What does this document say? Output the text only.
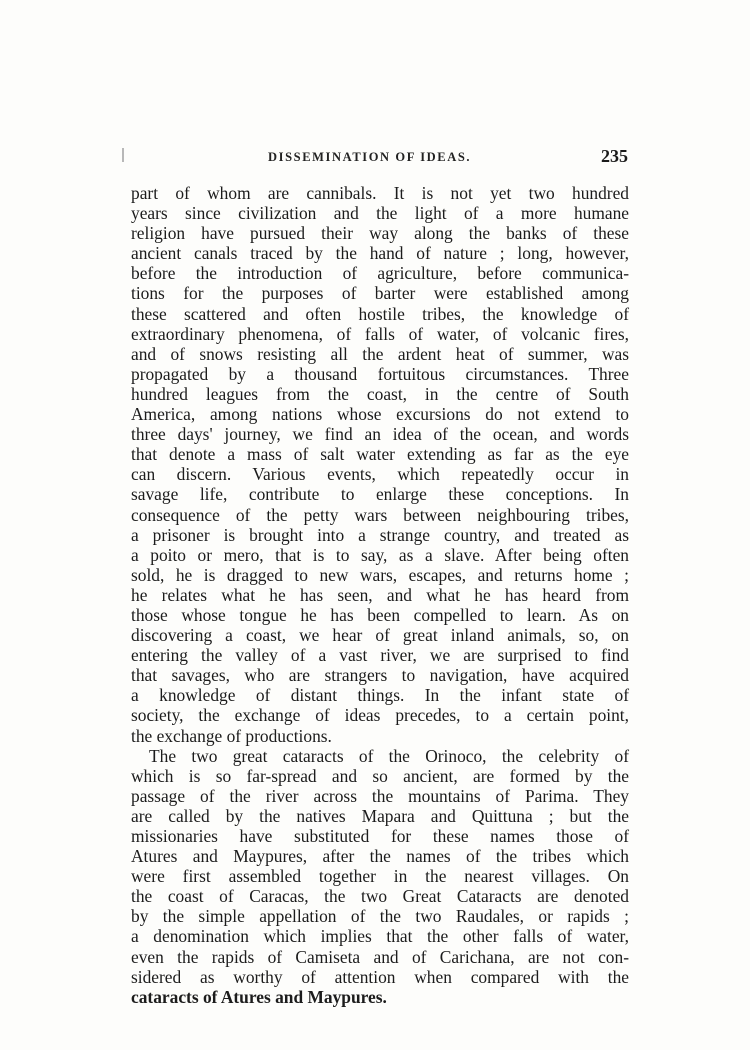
DISSEMINATION OF IDEAS.	235
part of whom are cannibals. It is not yet two hundred
years since civilization and the light of a more humane
religion have pursued their way along the banks of these
ancient canals traced by the hand of nature ; long, however,
before the introduction of agriculture, before communica-
tions for the purposes of barter were established among
these scattered and often hostile tribes, the knowledge of
extraordinary phenomena, of falls of water, of volcanic fires,
and of snows resisting all the ardent heat of summer, was
propagated by a thousand fortuitous circumstances. Three
hundred leagues from the coast, in the centre of South
America, among nations whose excursions do not extend to
three days' journey, we find an idea of the ocean, and words
that denote a mass of salt water extending as far as the eye
can discern. Various events, which repeatedly occur in
savage life, contribute to enlarge these conceptions. In
consequence of the petty wars between neighbouring tribes,
a prisoner is brought into a strange country, and treated as
a poito or mero, that is to say, as a slave. After being often
sold, he is dragged to new wars, escapes, and returns home ;
he relates what he has seen, and what he has heard from
those whose tongue he has been compelled to learn. As on
discovering a coast, we hear of great inland animals, so, on
entering the valley of a vast river, we are surprised to find
that savages, who are strangers to navigation, have acquired
a knowledge of distant things. In the infant state of
society, the exchange of ideas precedes, to a certain point,
the exchange of productions.
The two great cataracts of the Orinoco, the celebrity of
which is so far-spread and so ancient, are formed by the
passage of the river across the mountains of Parima. They
are called by the natives Mapara and Quittuna ; but the
missionaries have substituted for these names those of
Atures and Maypures, after the names of the tribes which
were first assembled together in the nearest villages. On
the coast of Caracas, the two Great Cataracts are denoted
by the simple appellation of the two Raudales, or rapids ;
a denomination which implies that the other falls of water,
even the rapids of Camiseta and of Carichana, are not con-
sidered as worthy of attention when compared with the
cataracts of Atures and Maypures.
